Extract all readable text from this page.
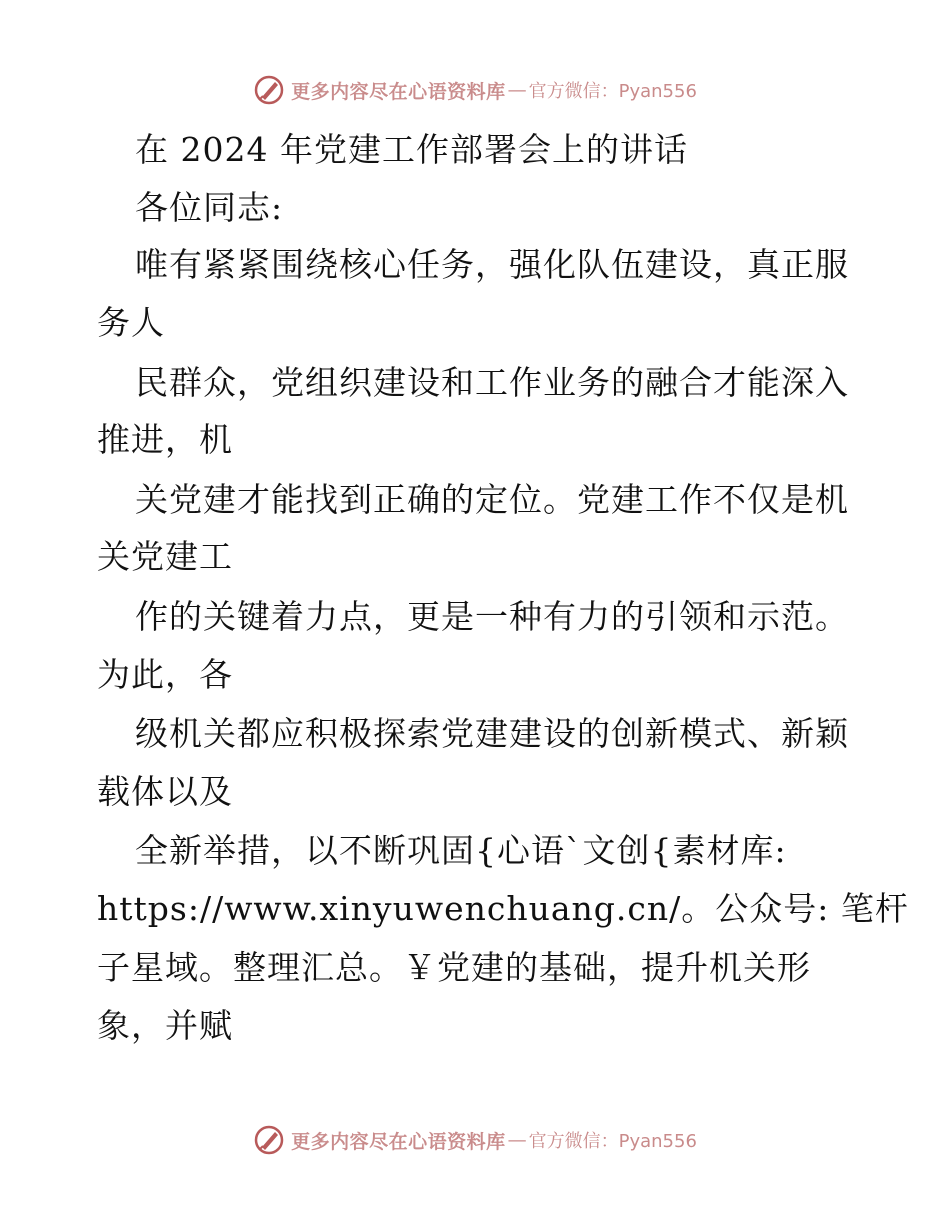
更多内容尽在心语资料库 — 官方微信：Pyan556
在 2024 年党建工作部署会上的讲话
各位同志:
唯有紧紧围绕核心任务，强化队伍建设，真正服
务人
民群众，党组织建设和工作业务的融合才能深入
推进，机
关党建才能找到正确的定位。党建工作不仅是机
关党建工
作的关键着力点，更是一种有力的引领和示范。
为此，各
级机关都应积极探索党建建设的创新模式、新颖
载体以及
全新举措，以不断巩固{心语`文创{素材库:
https://www.xinyuwenchuang.cn/。公众号: 笔杆
子星域。整理汇总。￥党建的基础，提升机关形
象，并赋
更多内容尽在心语资料库 — 官方微信：Pyan556
